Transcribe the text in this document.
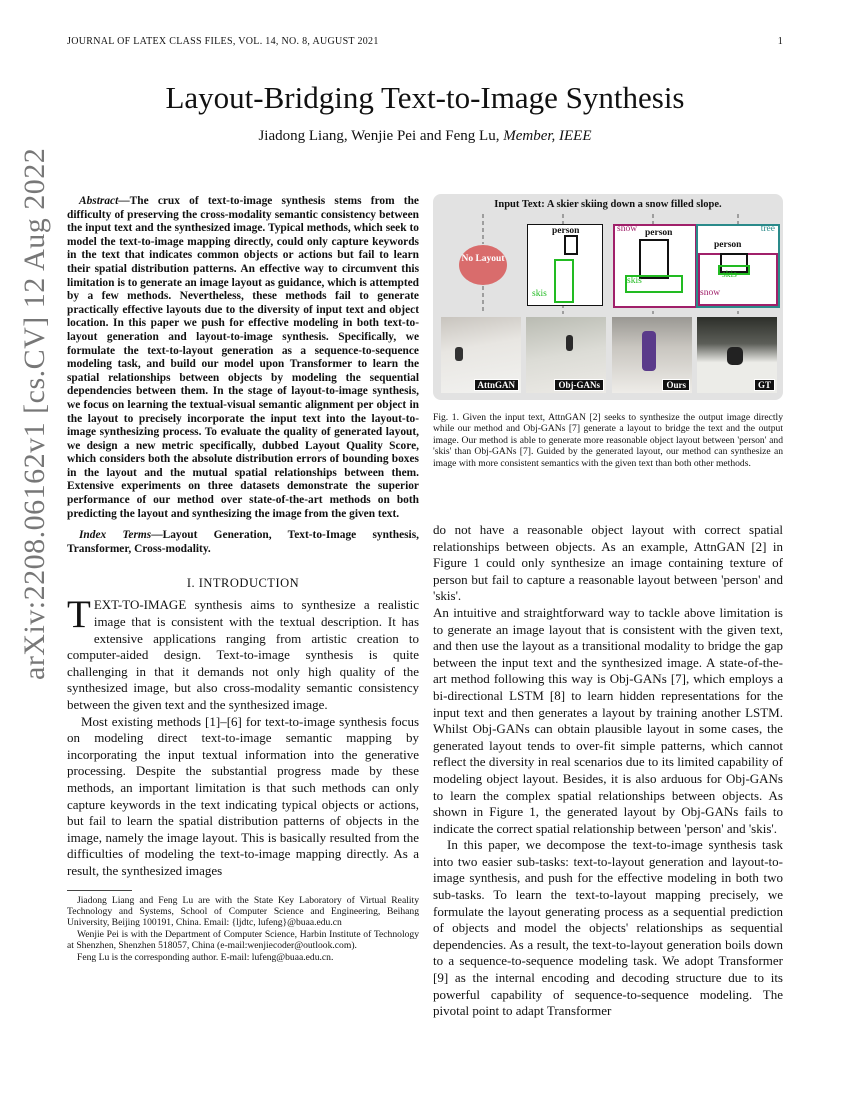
JOURNAL OF LATEX CLASS FILES, VOL. 14, NO. 8, AUGUST 2021	1
arXiv:2208.06162v1 [cs.CV] 12 Aug 2022
Layout-Bridging Text-to-Image Synthesis
Jiadong Liang, Wenjie Pei and Feng Lu, Member, IEEE

Abstract—The crux of text-to-image synthesis stems from the difficulty of preserving the cross-modality semantic consistency between the input text and the synthesized image. Typical methods, which seek to model the text-to-image mapping directly, could only capture keywords in the text that indicates common objects or actions but fail to learn their spatial distribution patterns. An effective way to circumvent this limitation is to generate an image layout as guidance, which is attempted by a few methods. Nevertheless, these methods fail to generate practically effective layouts due to the diversity of input text and object location. In this paper we push for effective modeling in both text-to-layout generation and layout-to-image synthesis. Specifically, we formulate the text-to-layout generation as a sequence-to-sequence modeling task, and build our model upon Transformer to learn the spatial relationships between objects by modeling the sequential dependencies between them. In the stage of layout-to-image synthesis, we focus on learning the textual-visual semantic alignment per object in the layout to precisely incorporate the input text into the layout-to-image synthesizing process. To evaluate the quality of generated layout, we design a new metric specifically, dubbed Layout Quality Score, which considers both the absolute distribution errors of bounding boxes in the layout and the mutual spatial relationships between them. Extensive experiments on three datasets demonstrate the superior performance of our method over state-of-the-art methods on both predicting the layout and synthesizing the image from the given text.

Index Terms—Layout Generation, Text-to-Image synthesis, Transformer, Cross-modality.

I. INTRODUCTION

TEXT-TO-IMAGE synthesis aims to synthesize a realistic image that is consistent with the textual description. It has extensive applications ranging from artistic creation to computer-aided design. Text-to-image synthesis is quite challenging in that it demands not only high quality of the synthesized image, but also cross-modality semantic consistency between the given text and the synthesized image.

Most existing methods [1]–[6] for text-to-image synthesis focus on modeling direct text-to-image semantic mapping by incorporating the input textual information into the generative processing. Despite the substantial progress made by these methods, an important limitation is that such methods can only capture keywords in the text indicating typical objects or actions, but fail to learn the spatial distribution patterns of objects in the image, namely the image layout. This is basically resulted from the difficulties of modeling the text-to-image mapping directly. As a result, the synthesized images

Jiadong Liang and Feng Lu are with the State Key Laboratory of Virtual Reality Technology and Systems, School of Computer Science and Engineering, Beihang University, Beijing 100191, China. Email: {ljdtc, lufeng}@buaa.edu.cn

Wenjie Pei is with the Department of Computer Science, Harbin Institute of Technology at Shenzhen, Shenzhen 518057, China (e-mail:wenjiecoder@outlook.com).

Feng Lu is the corresponding author. E-mail: lufeng@buaa.edu.cn.

Input Text: A skier skiing down a snow filled slope.
No Layout
person
skis
snow person
skis
tree
person
skis
snow
AttnGAN	Obj-GANs	Ours	GT
Fig. 1. Given the input text, AttnGAN [2] seeks to synthesize the output image directly while our method and Obj-GANs [7] generate a layout to bridge the text and the output image. Our method is able to generate more reasonable object layout between 'person' and 'skis' than Obj-GANs [7]. Guided by the generated layout, our method can synthesize an image with more consistent semantics with the given text than both other methods.

do not have a reasonable object layout with correct spatial relationships between objects. As an example, AttnGAN [2] in Figure 1 could only synthesize an image containing texture of person but fail to capture a reasonable layout between 'person' and 'skis'.

An intuitive and straightforward way to tackle above limitation is to generate an image layout that is consistent with the given text, and then use the layout as a transitional modality to bridge the gap between the input text and the synthesized image. A state-of-the-art method following this way is Obj-GANs [7], which employs a bi-directional LSTM [8] to learn hidden representations for the input text and then generates a layout by training another LSTM. Whilst Obj-GANs can obtain plausible layout in some cases, the generated layout tends to over-fit simple patterns, which cannot reflect the diversity in real scenarios due to its limited capability of modeling object layout. Besides, it is also arduous for Obj-GANs to learn the complex spatial relationships between objects. As shown in Figure 1, the generated layout by Obj-GANs fails to indicate the correct spatial relationship between 'person' and 'skis'.

In this paper, we decompose the text-to-image synthesis task into two easier sub-tasks: text-to-layout generation and layout-to-image synthesis, and push for the effective modeling in both two sub-tasks. To learn the text-to-layout mapping precisely, we formulate the layout generating process as a sequential prediction of objects and model the objects' relationships as sequential dependencies. As a result, the text-to-layout generation boils down to a sequence-to-sequence modeling task. We adopt Transformer [9] as the internal encoding and decoding structure due to its powerful capability of sequence-to-sequence modeling. The pivotal point to adapt Transformer
